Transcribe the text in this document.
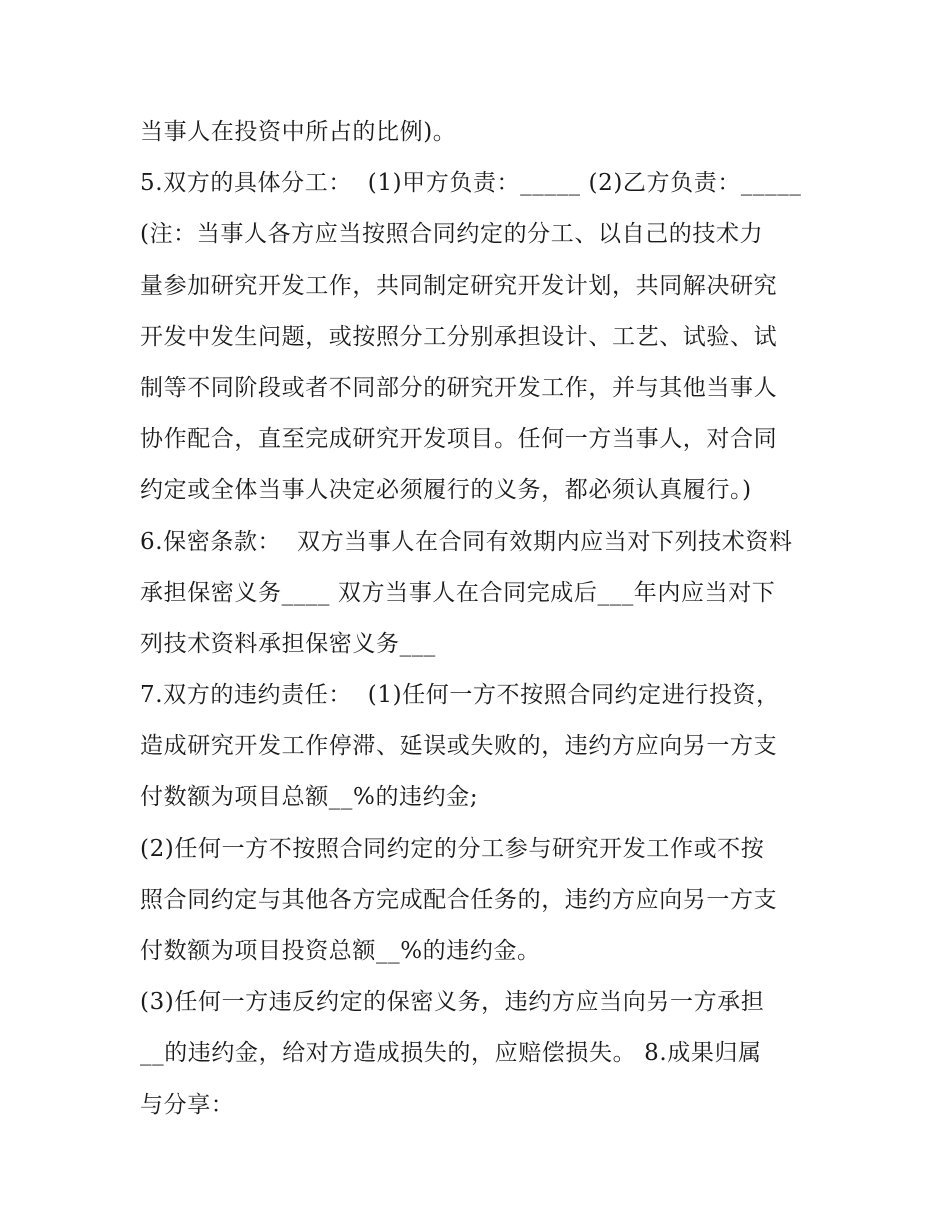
当事人在投资中所占的比例)。
5.双方的具体分工：  (1)甲方负责：_____ (2)乙方负责：_____
(注：当事人各方应当按照合同约定的分工、以自己的技术力
量参加研究开发工作，共同制定研究开发计划，共同解决研究
开发中发生问题，或按照分工分别承担设计、工艺、试验、试
制等不同阶段或者不同部分的研究开发工作，并与其他当事人
协作配合，直至完成研究开发项目。任何一方当事人，对合同
约定或全体当事人决定必须履行的义务，都必须认真履行。)
6.保密条款：  双方当事人在合同有效期内应当对下列技术资料
承担保密义务____ 双方当事人在合同完成后___年内应当对下
列技术资料承担保密义务___
7.双方的违约责任：  (1)任何一方不按照合同约定进行投资，
造成研究开发工作停滞、延误或失败的，违约方应向另一方支
付数额为项目总额__%的违约金;
(2)任何一方不按照合同约定的分工参与研究开发工作或不按
照合同约定与其他各方完成配合任务的，违约方应向另一方支
付数额为项目投资总额__%的违约金。
(3)任何一方违反约定的保密义务，违约方应当向另一方承担
__的违约金，给对方造成损失的，应赔偿损失。 8.成果归属
与分享：
